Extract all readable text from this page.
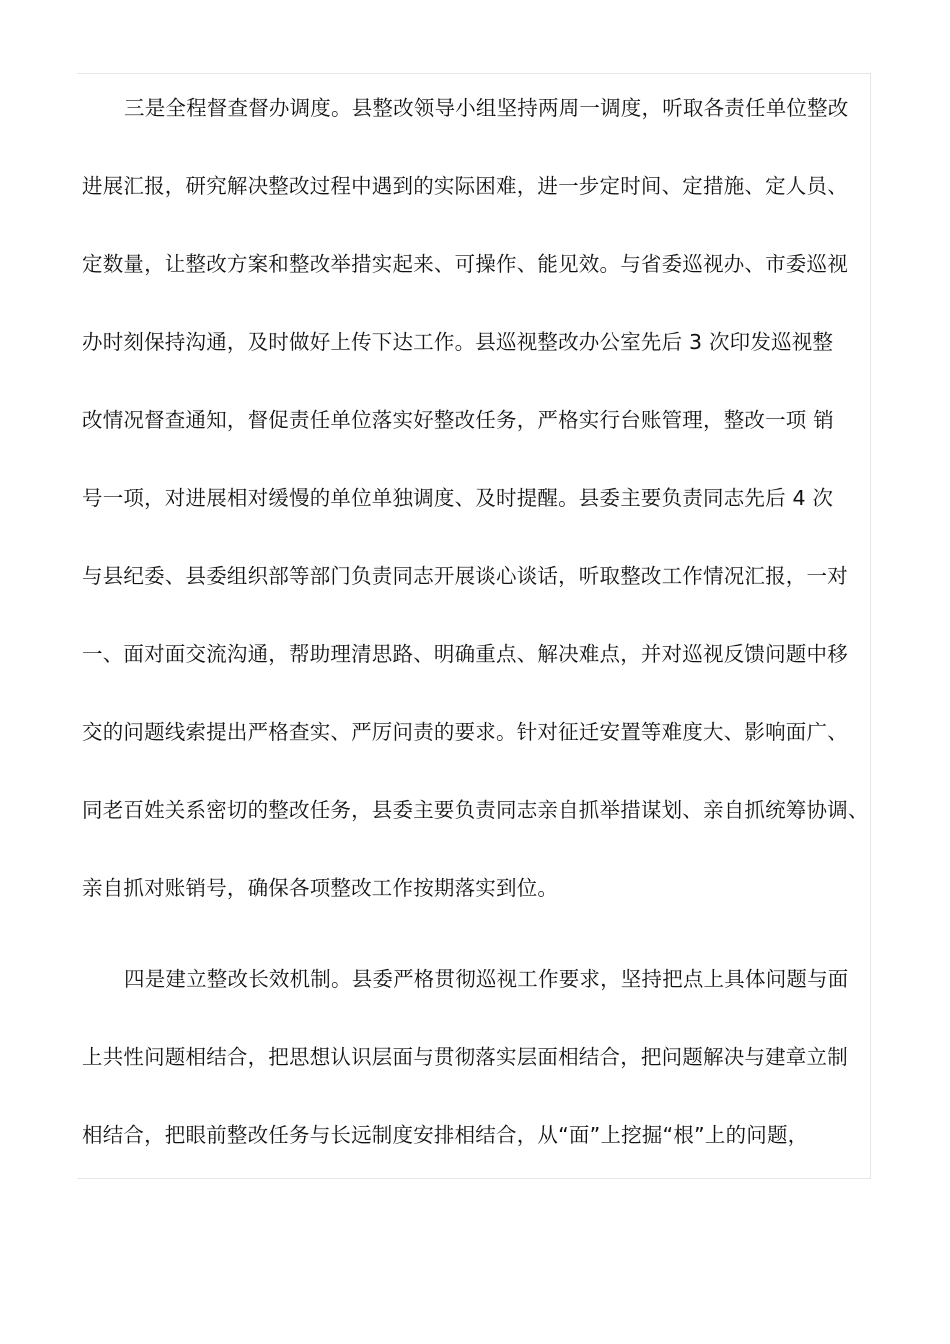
三是全程督查督办调度。县整改领导小组坚持两周一调度，听取各责任单位整改
进展汇报，研究解决整改过程中遇到的实际困难，进一步定时间、定措施、定人员、
定数量，让整改方案和整改举措实起来、可操作、能见效。与省委巡视办、市委巡视
办时刻保持沟通，及时做好上传下达工作。县巡视整改办公室先后 3 次印发巡视整
改情况督查通知，督促责任单位落实好整改任务，严格实行台账管理，整改一项 销
号一项，对进展相对缓慢的单位单独调度、及时提醒。县委主要负责同志先后 4 次
与县纪委、县委组织部等部门负责同志开展谈心谈话，听取整改工作情况汇报，一对
一、面对面交流沟通，帮助理清思路、明确重点、解决难点，并对巡视反馈问题中移
交的问题线索提出严格查实、严厉问责的要求。针对征迁安置等难度大、影响面广、
同老百姓关系密切的整改任务，县委主要负责同志亲自抓举措谋划、亲自抓统筹协调、
亲自抓对账销号，确保各项整改工作按期落实到位。
四是建立整改长效机制。县委严格贯彻巡视工作要求，坚持把点上具体问题与面
上共性问题相结合，把思想认识层面与贯彻落实层面相结合，把问题解决与建章立制
相结合，把眼前整改任务与长远制度安排相结合，从“面”上挖掘“根”上的问题，
